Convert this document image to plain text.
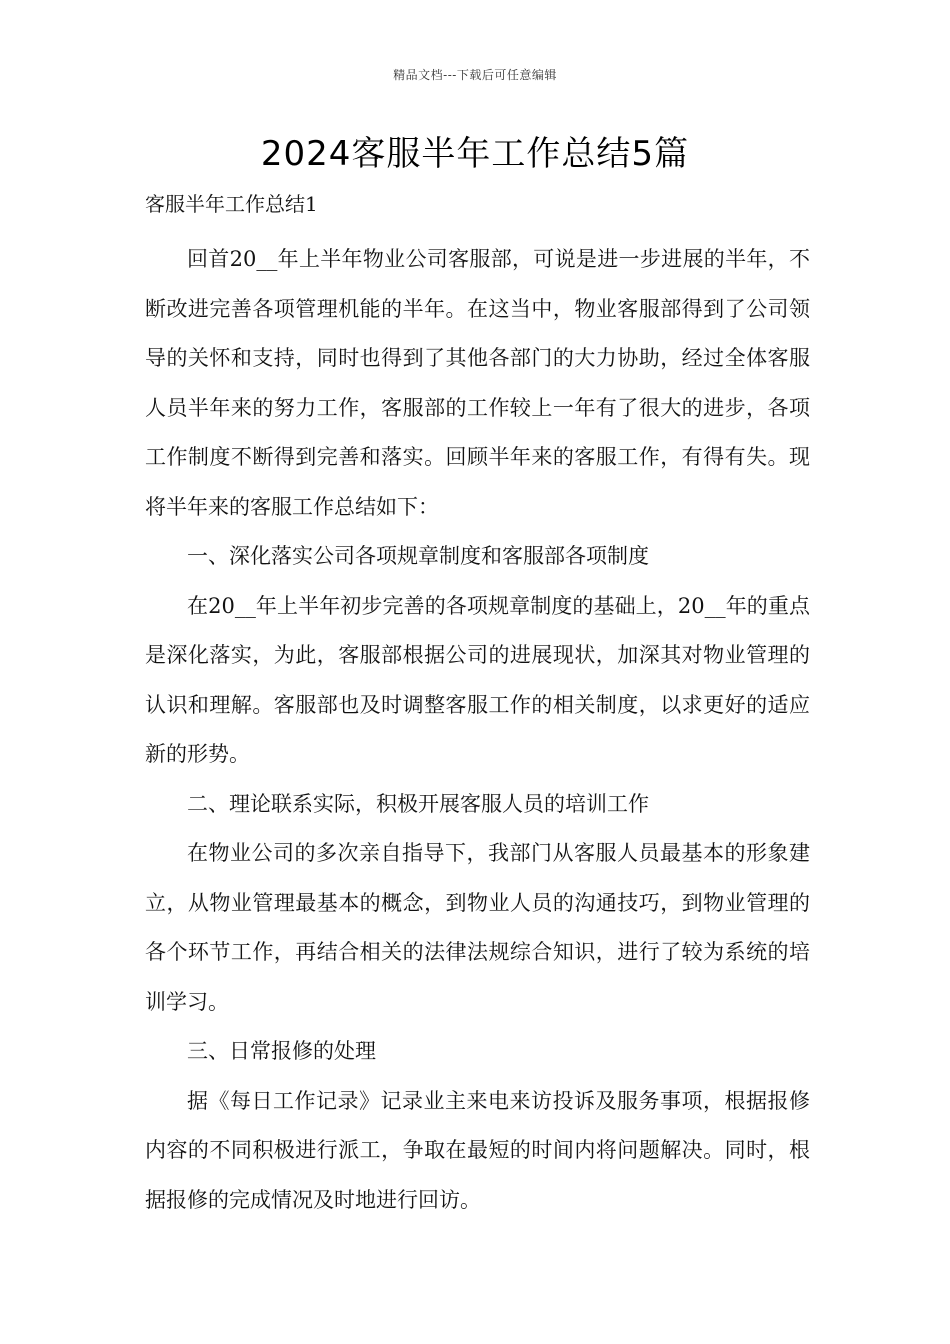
精品文档---下载后可任意编辑
2024客服半年工作总结5篇
客服半年工作总结1

回首20__年上半年物业公司客服部，可说是进一步进展的半年，不断改进完善各项管理机能的半年。在这当中，物业客服部得到了公司领导的关怀和支持，同时也得到了其他各部门的大力协助，经过全体客服人员半年来的努力工作，客服部的工作较上一年有了很大的进步，各项工作制度不断得到完善和落实。回顾半年来的客服工作，有得有失。现将半年来的客服工作总结如下：

一、深化落实公司各项规章制度和客服部各项制度

在20__年上半年初步完善的各项规章制度的基础上，20__年的重点是深化落实，为此，客服部根据公司的进展现状，加深其对物业管理的认识和理解。客服部也及时调整客服工作的相关制度，以求更好的适应新的形势。

二、理论联系实际，积极开展客服人员的培训工作

在物业公司的多次亲自指导下，我部门从客服人员最基本的形象建立，从物业管理最基本的概念，到物业人员的沟通技巧，到物业管理的各个环节工作，再结合相关的法律法规综合知识，进行了较为系统的培训学习。

三、日常报修的处理

据《每日工作记录》记录业主来电来访投诉及服务事项，根据报修内容的不同积极进行派工，争取在最短的时间内将问题解决。同时，根据报修的完成情况及时地进行回访。
